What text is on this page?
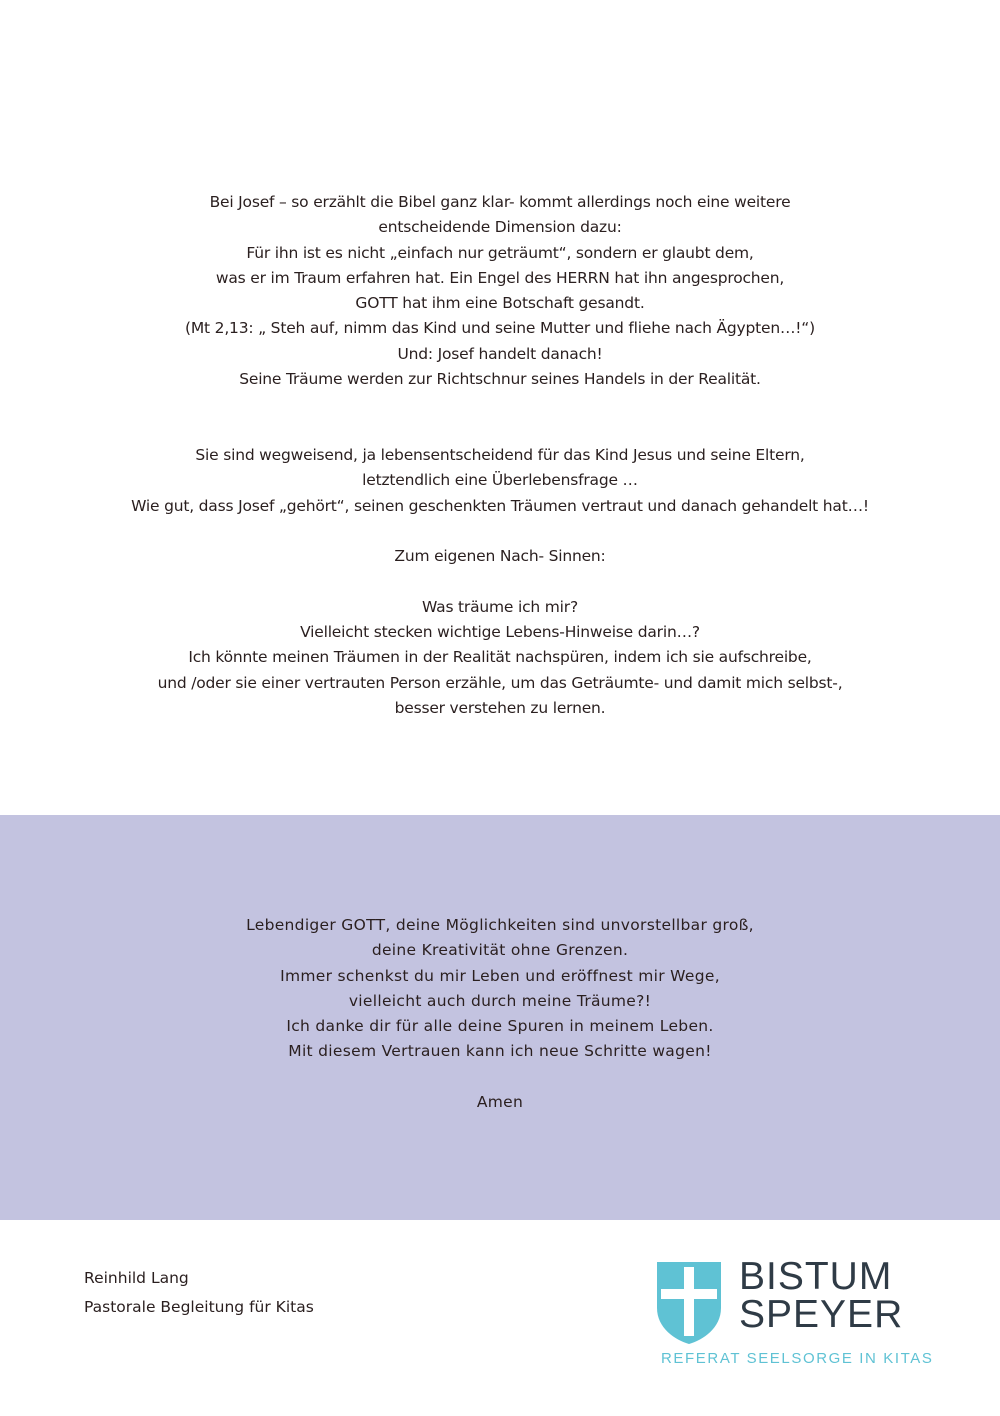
Bei Josef – so erzählt die Bibel ganz klar- kommt allerdings noch eine weitere

entscheidende Dimension dazu:

Für ihn ist es nicht „einfach nur geträumt“, sondern er glaubt dem,

was er im Traum erfahren hat. Ein Engel des HERRN hat ihn angesprochen,

GOTT hat ihm eine Botschaft gesandt.

(Mt 2,13: „ Steh auf, nimm das Kind und seine Mutter und fliehe nach Ägypten…!“)

Und: Josef handelt danach!

Seine Träume werden zur Richtschnur seines Handels in der Realität.

Sie sind wegweisend, ja lebensentscheidend für das Kind Jesus und seine Eltern,

letztendlich eine Überlebensfrage …

Wie gut, dass Josef „gehört“, seinen geschenkten Träumen vertraut und danach gehandelt hat…!

Zum eigenen Nach- Sinnen:

Was träume ich mir?

Vielleicht stecken wichtige Lebens-Hinweise darin…?

Ich könnte meinen Träumen in der Realität nachspüren, indem ich sie aufschreibe,

und /oder sie einer vertrauten Person erzähle, um das Geträumte- und damit mich selbst-,

besser verstehen zu lernen.

Lebendiger GOTT, deine Möglichkeiten sind unvorstellbar groß,

deine Kreativität ohne Grenzen.

Immer schenkst du mir Leben und eröffnest mir Wege,

vielleicht auch durch meine Träume?!

Ich danke dir für alle deine Spuren in meinem Leben.

Mit diesem Vertrauen kann ich neue Schritte wagen!

Amen

Reinhild Lang

Pastorale Begleitung für Kitas

BISTUM

SPEYER

REFERAT SEELSORGE IN KITAS
